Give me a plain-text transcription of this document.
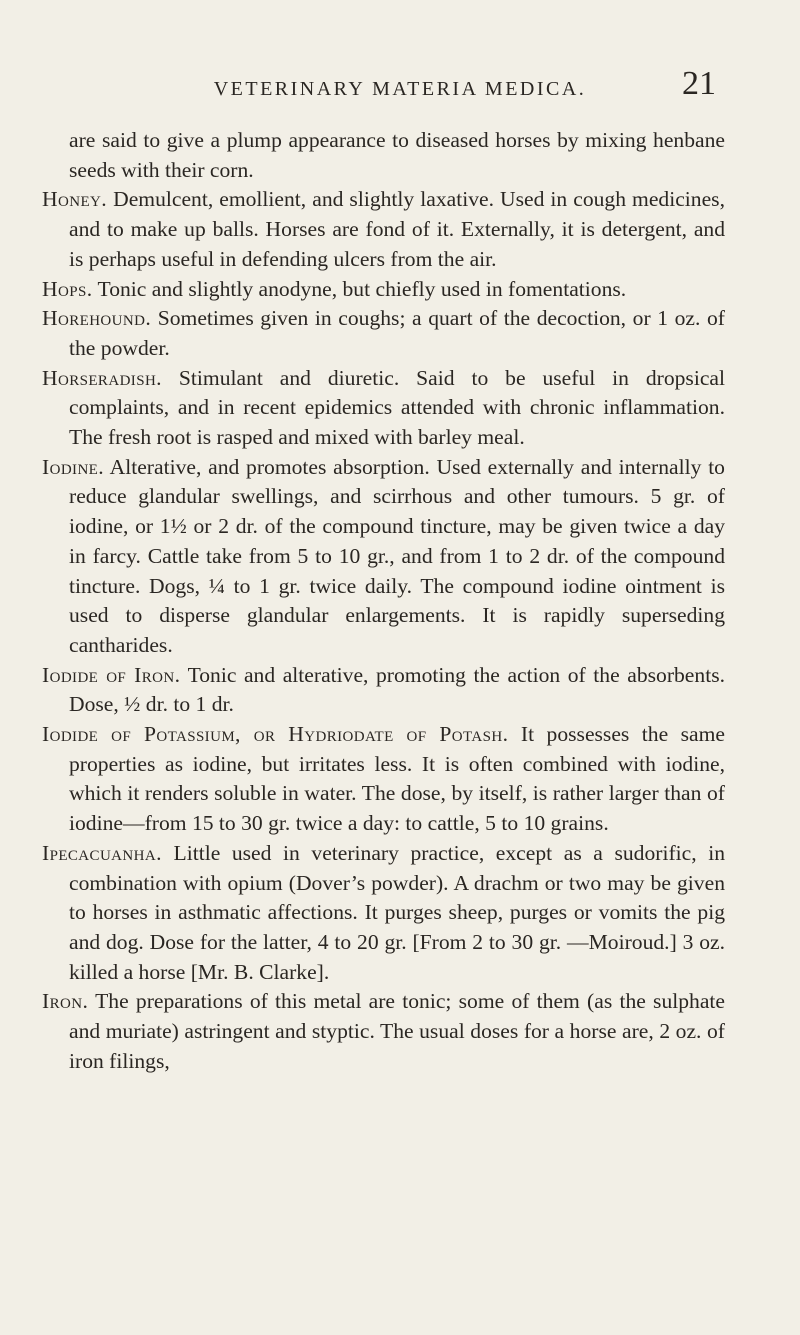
VETERINARY MATERIA MEDICA.	21

are said to give a plump appearance to diseased horses by mixing henbane seeds with their corn.

Honey. Demulcent, emollient, and slightly laxative. Used in cough medicines, and to make up balls. Horses are fond of it. Externally, it is detergent, and is perhaps useful in defending ulcers from the air.

Hops. Tonic and slightly anodyne, but chiefly used in fomentations.

Horehound. Sometimes given in coughs; a quart of the decoction, or 1 oz. of the powder.

Horseradish. Stimulant and diuretic. Said to be useful in dropsical complaints, and in recent epidemics attended with chronic inflammation. The fresh root is rasped and mixed with barley meal.

Iodine. Alterative, and promotes absorption. Used externally and internally to reduce glandular swellings, and scirrhous and other tumours. 5 gr. of iodine, or 1½ or 2 dr. of the compound tincture, may be given twice a day in farcy. Cattle take from 5 to 10 gr., and from 1 to 2 dr. of the compound tincture. Dogs, ¼ to 1 gr. twice daily. The compound iodine ointment is used to disperse glandular enlargements. It is rapidly superseding cantharides.

Iodide of Iron. Tonic and alterative, promoting the action of the absorbents. Dose, ½ dr. to 1 dr.

Iodide of Potassium, or Hydriodate of Potash. It possesses the same properties as iodine, but irritates less. It is often combined with iodine, which it renders soluble in water. The dose, by itself, is rather larger than of iodine—from 15 to 30 gr. twice a day: to cattle, 5 to 10 grains.

Ipecacuanha. Little used in veterinary practice, except as a sudorific, in combination with opium (Dover’s powder). A drachm or two may be given to horses in asthmatic affections. It purges sheep, purges or vomits the pig and dog. Dose for the latter, 4 to 20 gr. [From 2 to 30 gr. —Moiroud.] 3 oz. killed a horse [Mr. B. Clarke].

Iron. The preparations of this metal are tonic; some of them (as the sulphate and muriate) astringent and styptic. The usual doses for a horse are, 2 oz. of iron filings,
